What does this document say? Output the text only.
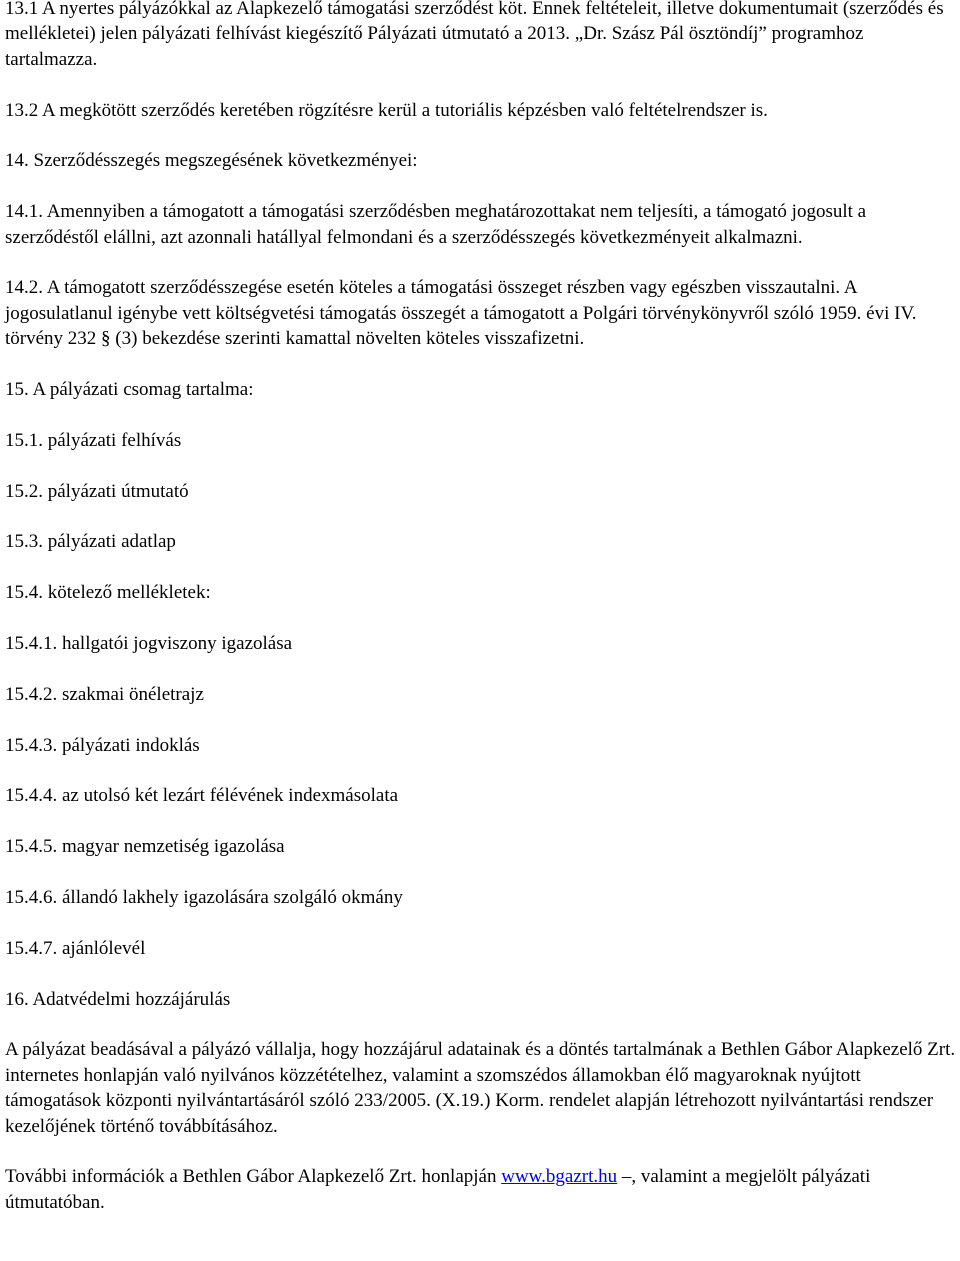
13.1 A nyertes pályázókkal az Alapkezelő támogatási szerződést köt. Ennek feltételeit, illetve dokumentumait (szerződés és mellékletei) jelen pályázati felhívást kiegészítő Pályázati útmutató a 2013. „Dr. Szász Pál ösztöndíj” programhoz tartalmazza.

13.2 A megkötött szerződés keretében rögzítésre kerül a tutoriális képzésben való feltételrendszer is.

14. Szerződésszegés megszegésének következményei:

14.1. Amennyiben a támogatott a támogatási szerződésben meghatározottakat nem teljesíti, a támogató jogosult a szerződéstől elállni, azt azonnali hatállyal felmondani és a szerződésszegés következményeit alkalmazni.

14.2. A támogatott szerződésszegése esetén köteles a támogatási összeget részben vagy egészben visszautalni. A jogosulatlanul igénybe vett költségvetési támogatás összegét a támogatott a Polgári törvénykönyvről szóló 1959. évi IV. törvény 232 § (3) bekezdése szerinti kamattal növelten köteles visszafizetni.

15. A pályázati csomag tartalma:

15.1. pályázati felhívás

15.2. pályázati útmutató

15.3. pályázati adatlap

15.4. kötelező mellékletek:

15.4.1. hallgatói jogviszony igazolása

15.4.2. szakmai önéletrajz

15.4.3. pályázati indoklás

15.4.4. az utolsó két lezárt félévének indexmásolata

15.4.5. magyar nemzetiség igazolása

15.4.6. állandó lakhely igazolására szolgáló okmány

15.4.7. ajánlólevél

16. Adatvédelmi hozzájárulás

A pályázat beadásával a pályázó vállalja, hogy hozzájárul adatainak és a döntés tartalmának a Bethlen Gábor Alapkezelő Zrt. internetes honlapján való nyilvános közzétételhez, valamint a szomszédos államokban élő magyaroknak nyújtott támogatások központi nyilvántartásáról szóló 233/2005. (X.19.) Korm. rendelet alapján létrehozott nyilvántartási rendszer kezelőjének történő továbbításához.

További információk a Bethlen Gábor Alapkezelő Zrt. honlapján www.bgazrt.hu –, valamint a megjelölt pályázati útmutatóban.
